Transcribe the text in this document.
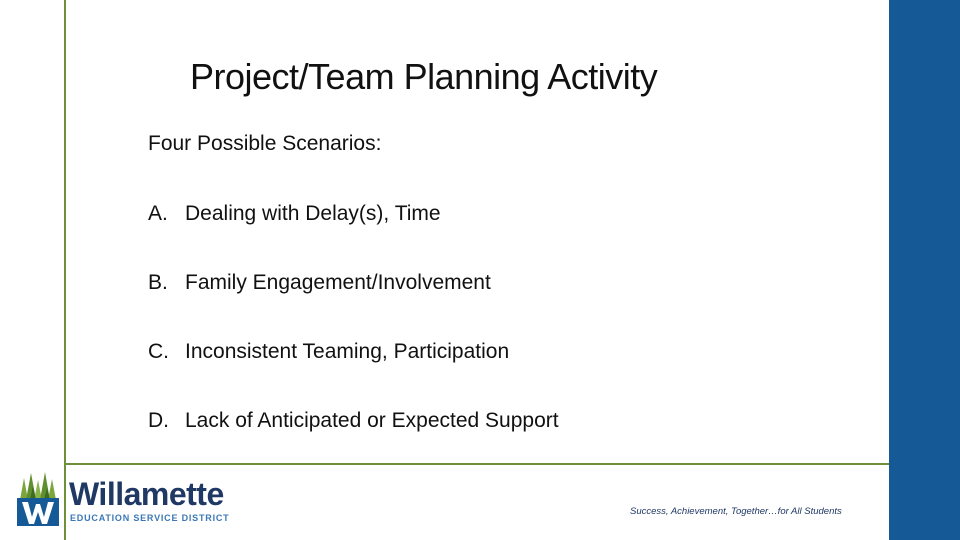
Project/Team Planning Activity
Four Possible Scenarios:
A. Dealing with Delay(s), Time
B. Family Engagement/Involvement
C. Inconsistent Teaming, Participation
D. Lack of Anticipated or Expected Support
Willamette
EDUCATION SERVICE DISTRICT
Success, Achievement, Together…for All Students
